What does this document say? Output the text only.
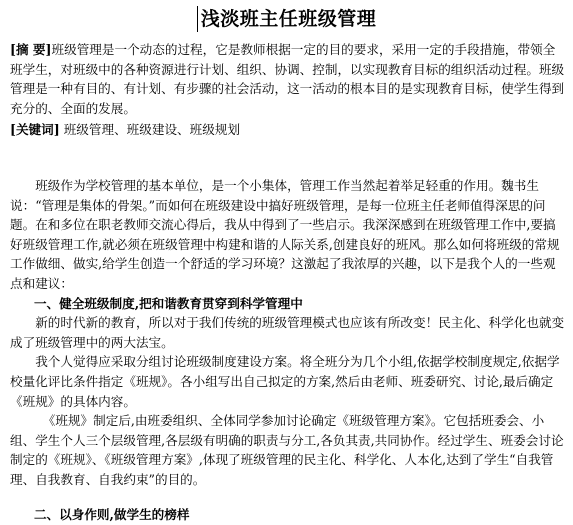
浅淡班主任班级管理
[摘 要]班级管理是一个动态的过程，它是教师根据一定的目的要求，采用一定的手段措施，带领全班学生，对班级中的各种资源进行计划、组织、协调、控制，以实现教育目标的组织活动过程。班级管理是一种有目的、有计划、有步骤的社会活动，这一活动的根本目的是实现教育目标，使学生得到充分的、全面的发展。
[关键词] 班级管理、班级建设、班级规划

班级作为学校管理的基本单位，是一个小集体，管理工作当然起着举足轻重的作用。魏书生说：“管理是集体的骨架。”而如何在班级建设中搞好班级管理，是每一位班主任老师值得深思的问题。在和多位在职老教师交流心得后，我从中得到了一些启示。我深深感到在班级管理工作中,要搞好班级管理工作,就必须在班级管理中构建和谐的人际关系,创建良好的班风。那么如何将班级的常规工作做细、做实,给学生创造一个舒适的学习环境？这激起了我浓厚的兴趣，以下是我个人的一些观点和建议：

一、健全班级制度,把和谐教育贯穿到科学管理中

新的时代新的教育，所以对于我们传统的班级管理模式也应该有所改变！民主化、科学化也就变成了班级管理中的两大法宝。

我个人觉得应采取分组讨论班级制度建设方案。将全班分为几个小组,依据学校制度规定,依据学校量化评比条件指定《班规》。各小组写出自己拟定的方案,然后由老师、班委研究、讨论,最后确定《班规》的具体内容。

《班规》制定后,由班委组织、全体同学参加讨论确定《班级管理方案》。它包括班委会、小组、学生个人三个层级管理,各层级有明确的职责与分工,各负其责,共同协作。经过学生、班委会讨论制定的《班规》、《班级管理方案》,体现了班级管理的民主化、科学化、人本化,达到了学生“自我管理、自我教育、自我约束”的目的。

二、以身作则,做学生的榜样
